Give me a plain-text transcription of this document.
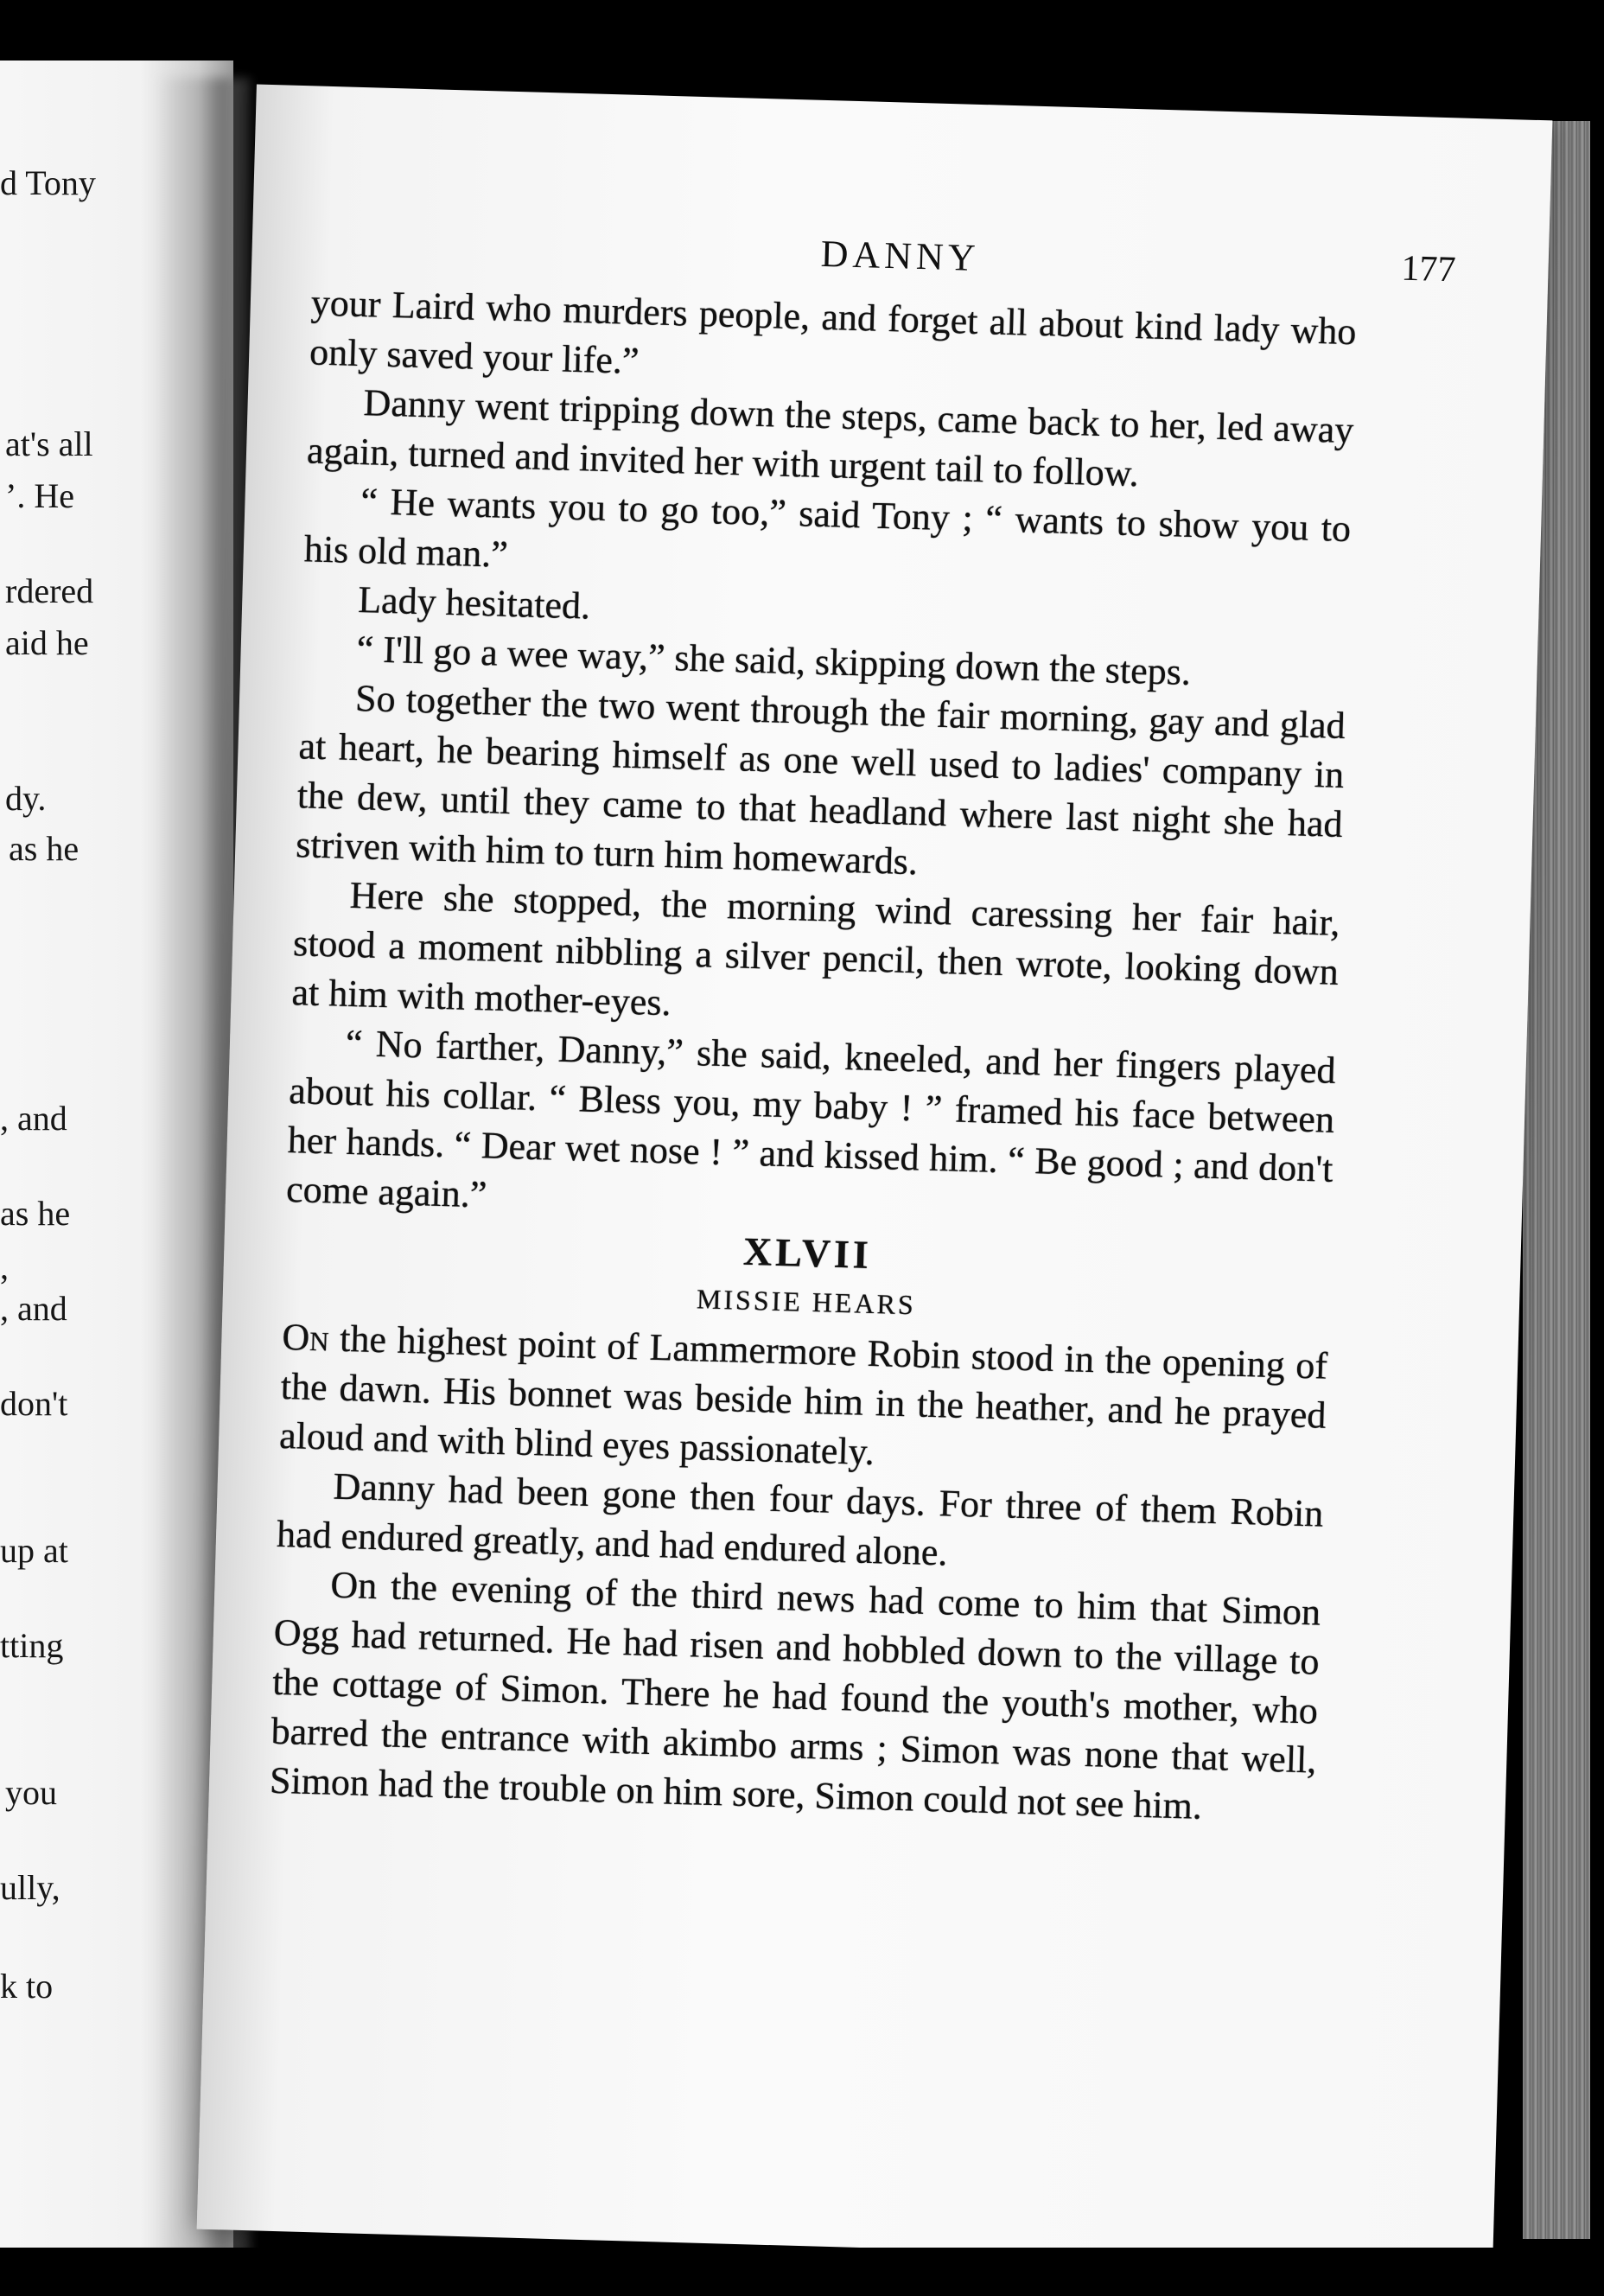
d Tony
at's all
’. He
rdered
aid he
dy.
as he
, and
as he
,
, and
don't
up at
tting
you
ully,
k to
DANNY	177

your Laird who murders people, and forget all about kind lady who only saved your life.”

Danny went tripping down the steps, came back to her, led away again, turned and invited her with urgent tail to follow.

“ He wants you to go too,” said Tony ; “ wants to show you to his old man.”

Lady hesitated.

“ I'll go a wee way,” she said, skipping down the steps.

So together the two went through the fair morning, gay and glad at heart, he bearing himself as one well used to ladies' company in the dew, until they came to that headland where last night she had striven with him to turn him homewards.

Here she stopped, the morning wind caressing her fair hair, stood a moment nibbling a silver pencil, then wrote, looking down at him with mother-eyes.

“ No farther, Danny,” she said, kneeled, and her fingers played about his collar. “ Bless you, my baby ! ” framed his face between her hands. “ Dear wet nose ! ” and kissed him. “ Be good ; and don't come again.”

XLVII

MISSIE HEARS

On the highest point of Lammermore Robin stood in the opening of the dawn. His bonnet was beside him in the heather, and he prayed aloud and with blind eyes passionately.

Danny had been gone then four days. For three of them Robin had endured greatly, and had endured alone.

On the evening of the third news had come to him that Simon Ogg had returned. He had risen and hobbled down to the village to the cottage of Simon. There he had found the youth's mother, who barred the entrance with akimbo arms ; Simon was none that well, Simon had the trouble on him sore, Simon could not see him.
